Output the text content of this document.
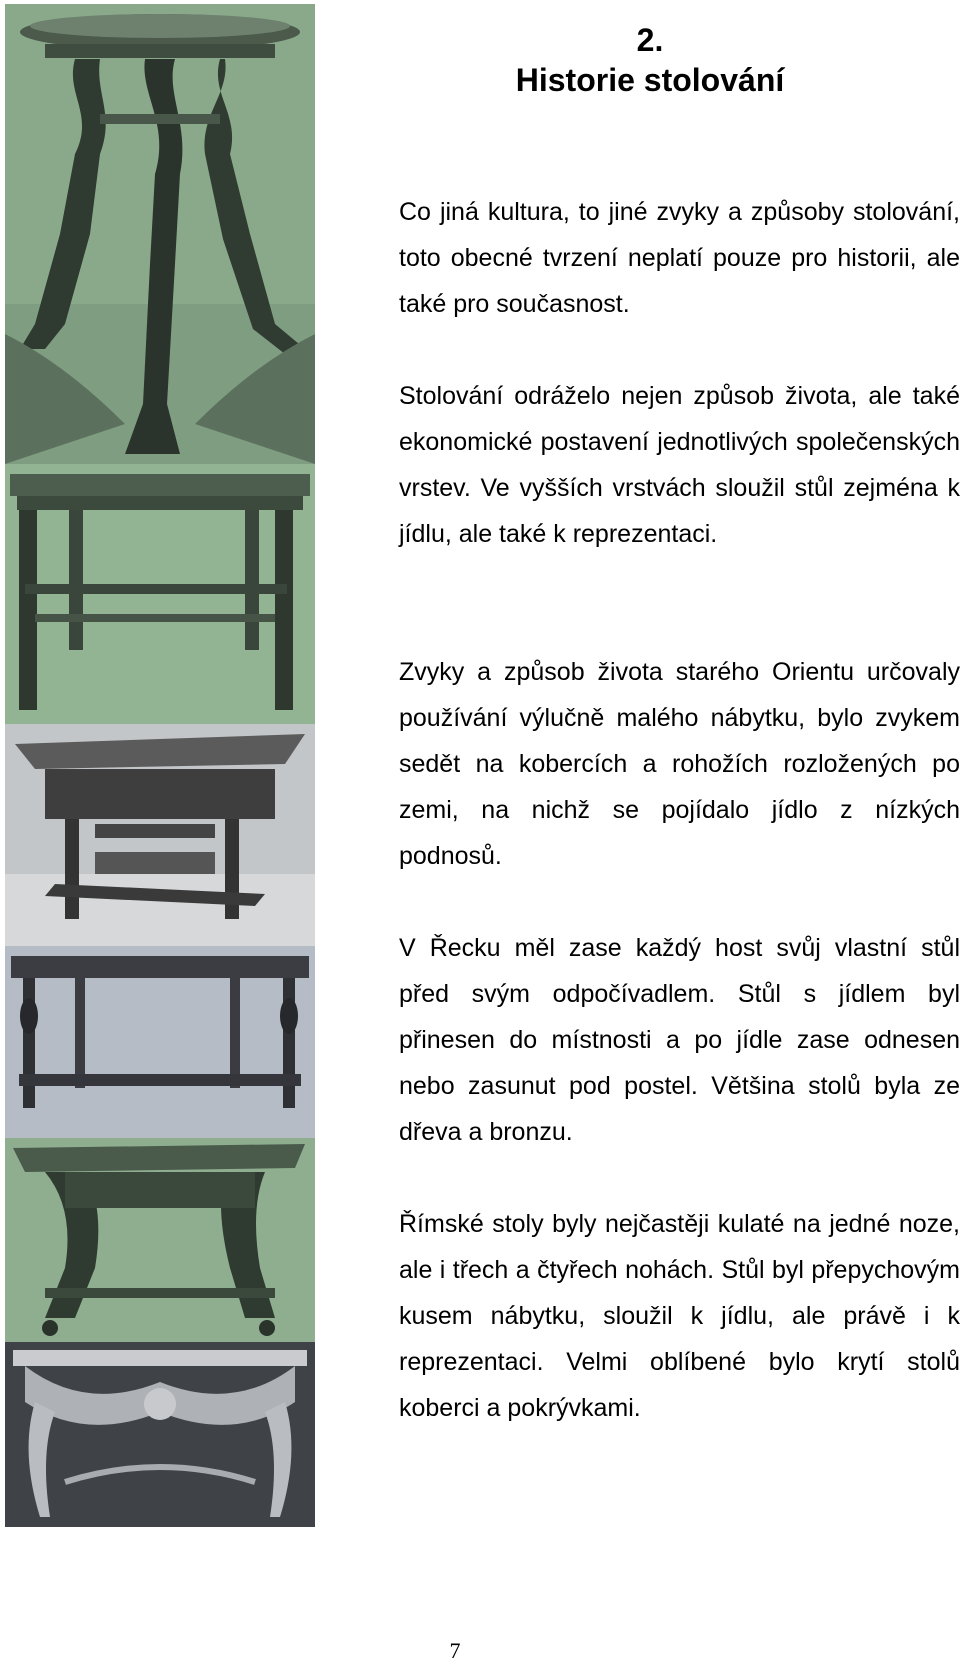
2.
Historie stolování

Co jiná kultura, to jiné zvyky a způsoby stolování, toto obecné tvrzení neplatí pouze pro historii, ale také pro současnost.

Stolování odráželo nejen způsob života, ale také ekonomické postavení jednotlivých společenských vrstev. Ve vyšších vrstvách sloužil stůl zejména k jídlu, ale také k reprezentaci.

Zvyky a způsob života starého Orientu určovaly používání výlučně malého nábytku, bylo zvykem sedět na kobercích a rohožích rozložených po zemi, na nichž se pojídalo jídlo z nízkých podnosů.

V Řecku měl zase každý host svůj vlastní stůl před svým odpočívadlem. Stůl s jídlem byl přinesen do místnosti a po jídle zase odnesen nebo zasunut pod postel. Většina stolů byla ze dřeva a bronzu.

Římské stoly byly nejčastěji kulaté na jedné noze, ale i třech a čtyřech nohách. Stůl byl přepychovým kusem nábytku, sloužil k jídlu, ale právě i k reprezentaci. Velmi oblíbené bylo krytí stolů koberci a pokrývkami.

7
